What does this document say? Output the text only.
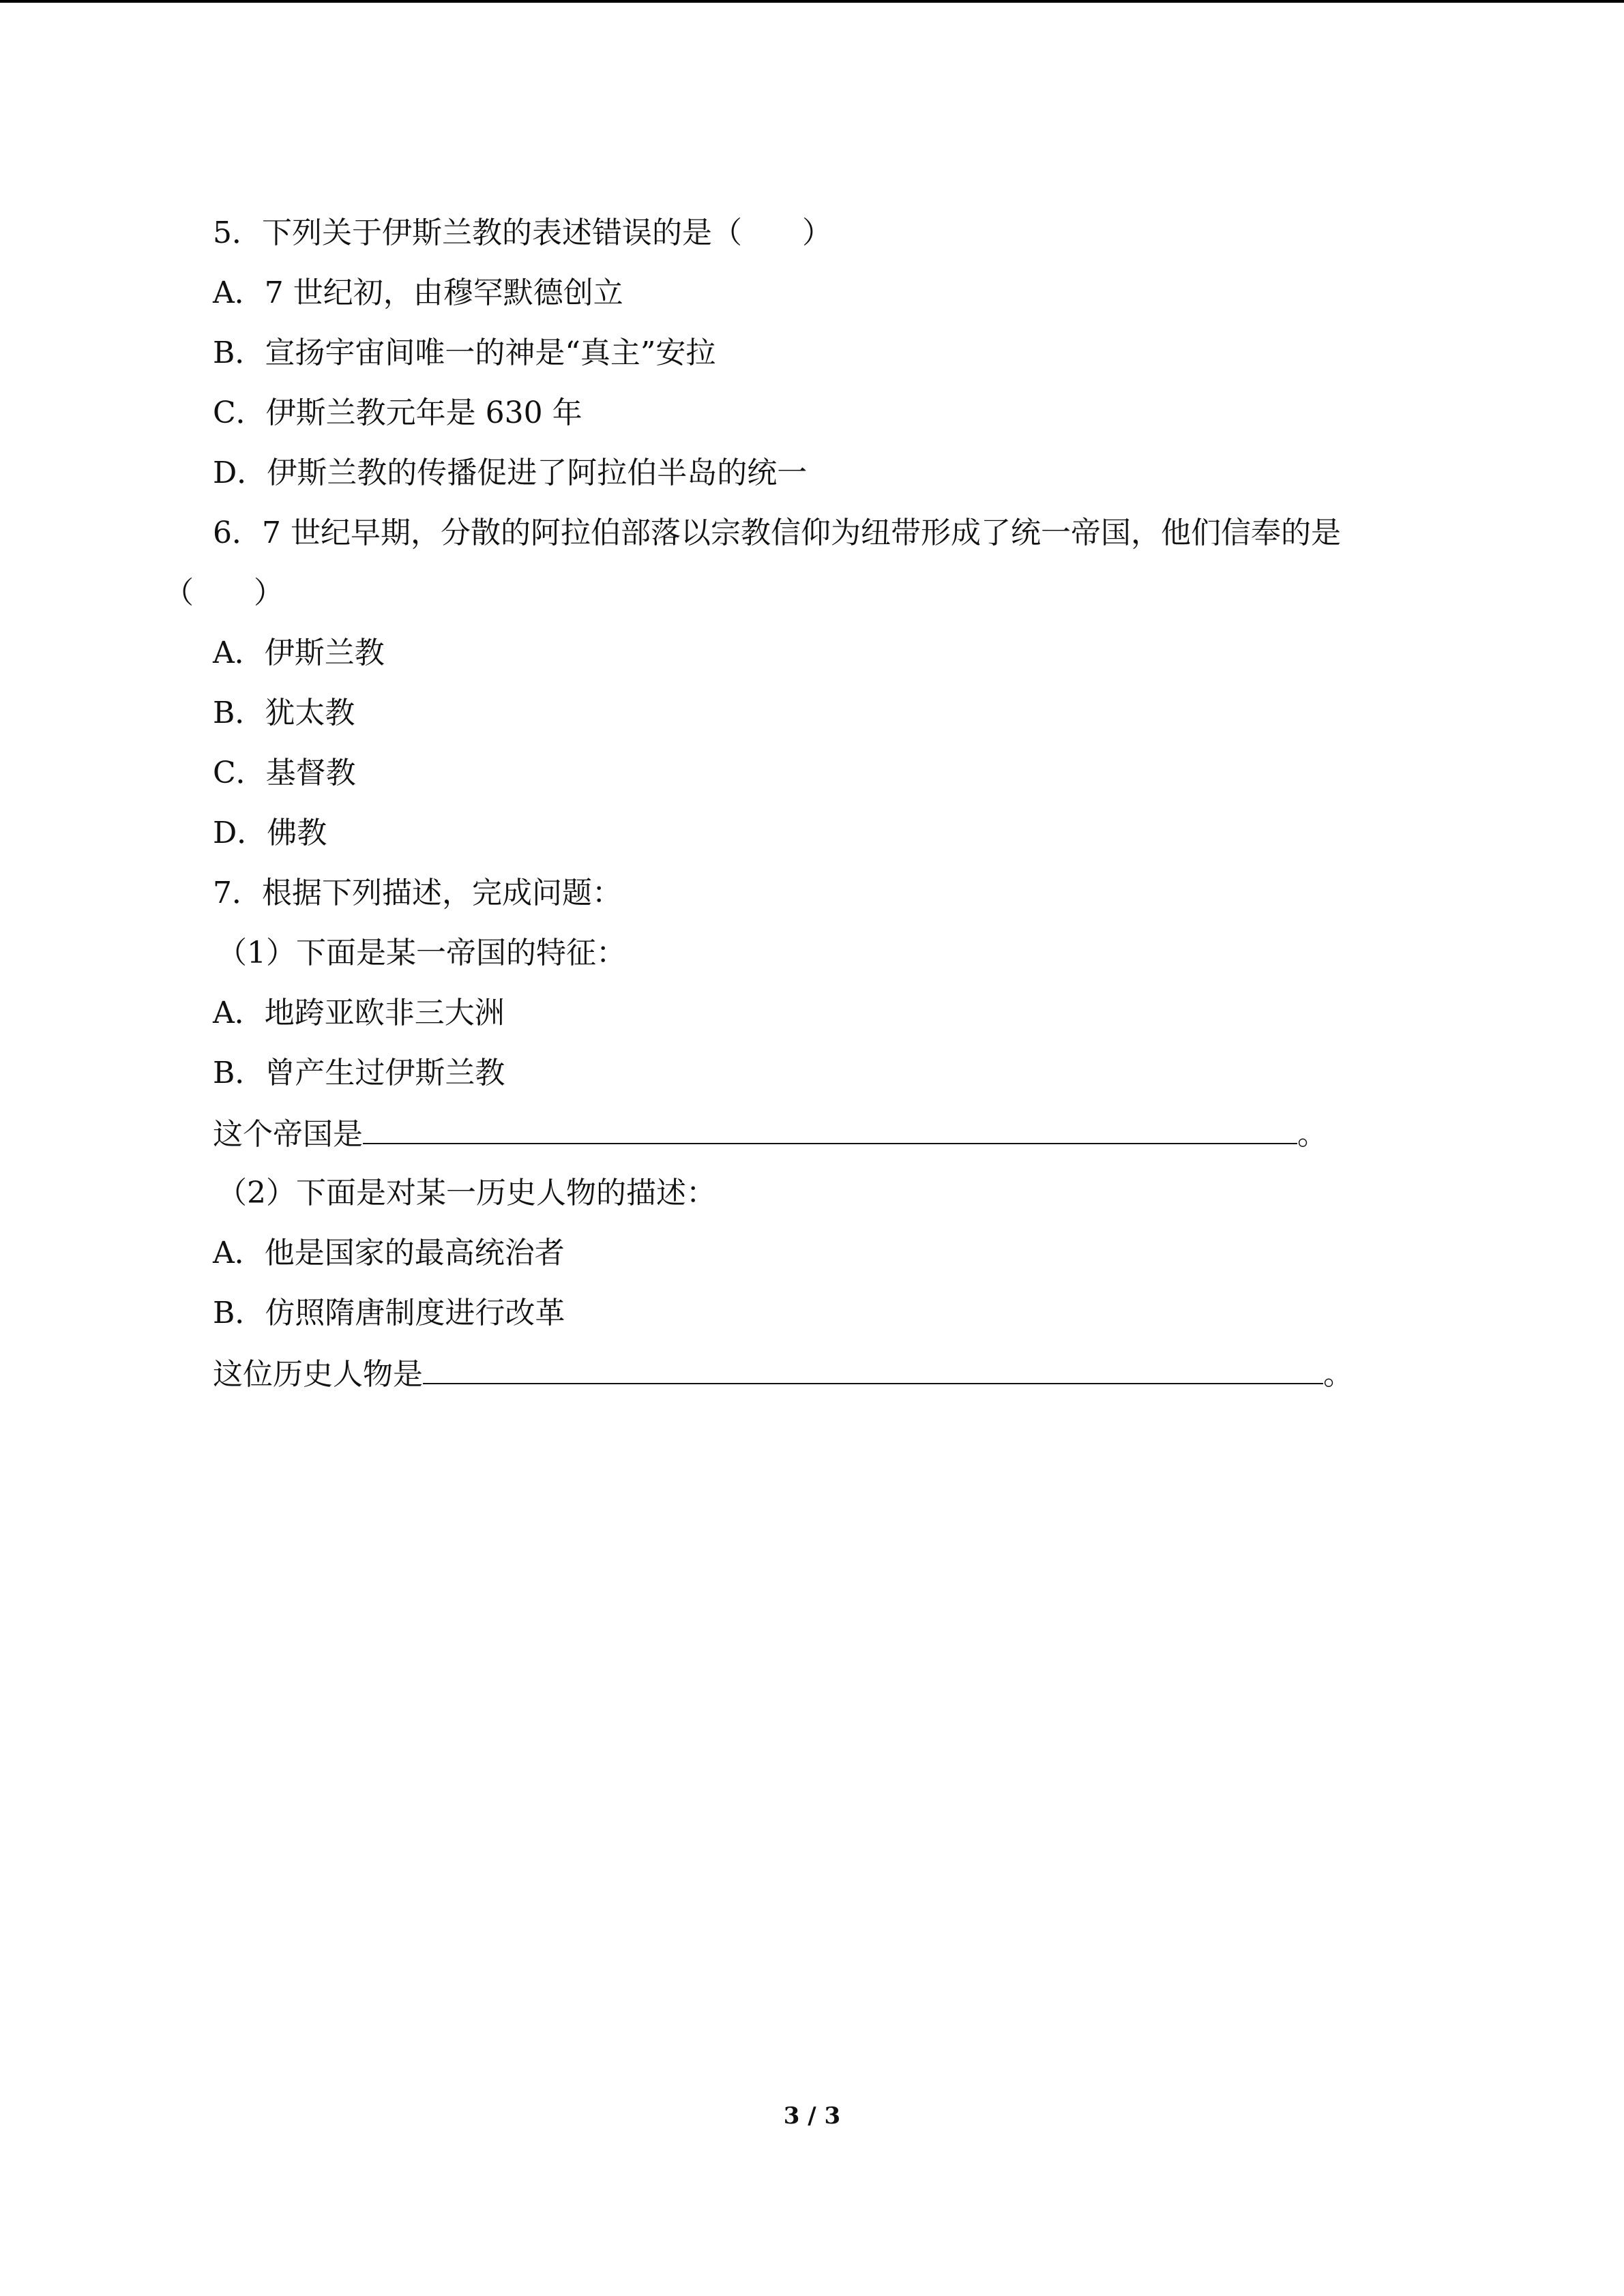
5．下列关于伊斯兰教的表述错误的是（　　）
A．7 世纪初，由穆罕默德创立
B．宣扬宇宙间唯一的神是“真主”安拉
C．伊斯兰教元年是 630 年
D．伊斯兰教的传播促进了阿拉伯半岛的统一
6．7 世纪早期，分散的阿拉伯部落以宗教信仰为纽带形成了统一帝国，他们信奉的是
（　　）
A．伊斯兰教
B．犹太教
C．基督教
D．佛教
7．根据下列描述，完成问题：
（1）下面是某一帝国的特征：
A．地跨亚欧非三大洲
B．曾产生过伊斯兰教
这个帝国是	。
（2）下面是对某一历史人物的描述：
A．他是国家的最高统治者
B．仿照隋唐制度进行改革
这位历史人物是	。
3 / 3
